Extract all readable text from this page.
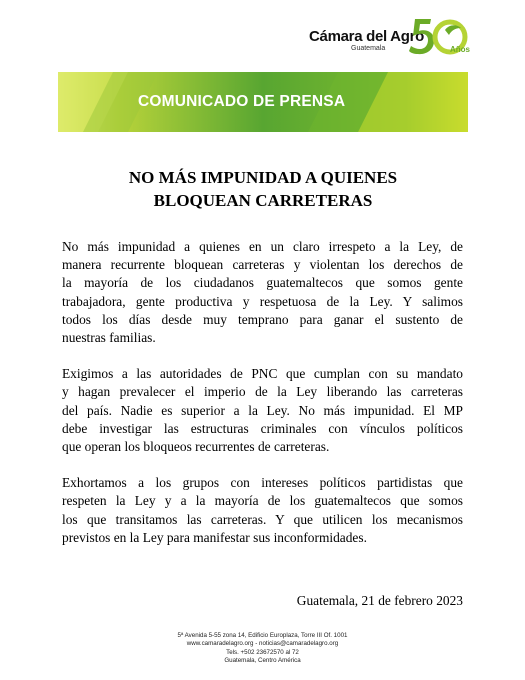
Cámara del Agro
Guatemala	Años
COMUNICADO DE PRENSA
NO MÁS IMPUNIDAD A QUIENES
BLOQUEAN CARRETERAS

No más impunidad a quienes en un claro irrespeto a la Ley, de
manera recurrente bloquean carreteras y violentan los derechos de
la mayoría de los ciudadanos guatemaltecos que somos gente
trabajadora, gente productiva y respetuosa de la Ley. Y salimos
todos los días desde muy temprano para ganar el sustento de
nuestras familias.

Exigimos a las autoridades de PNC que cumplan con su mandato
y hagan prevalecer el imperio de la Ley liberando las carreteras
del país. Nadie es superior a la Ley. No más impunidad. El MP
debe investigar las estructuras criminales con vínculos políticos
que operan los bloqueos recurrentes de carreteras.

Exhortamos a los grupos con intereses políticos partidistas que
respeten la Ley y a la mayoría de los guatemaltecos que somos
los que transitamos las carreteras. Y que utilicen los mecanismos
previstos en la Ley para manifestar sus inconformidades.

Guatemala, 21 de febrero 2023
5ª Avenida 5-55 zona 14, Edificio Europlaza, Torre III Of. 1001
www.camaradelagro.org - noticias@camaradelagro.org
Tels. +502 23672570 al 72
Guatemala, Centro América
